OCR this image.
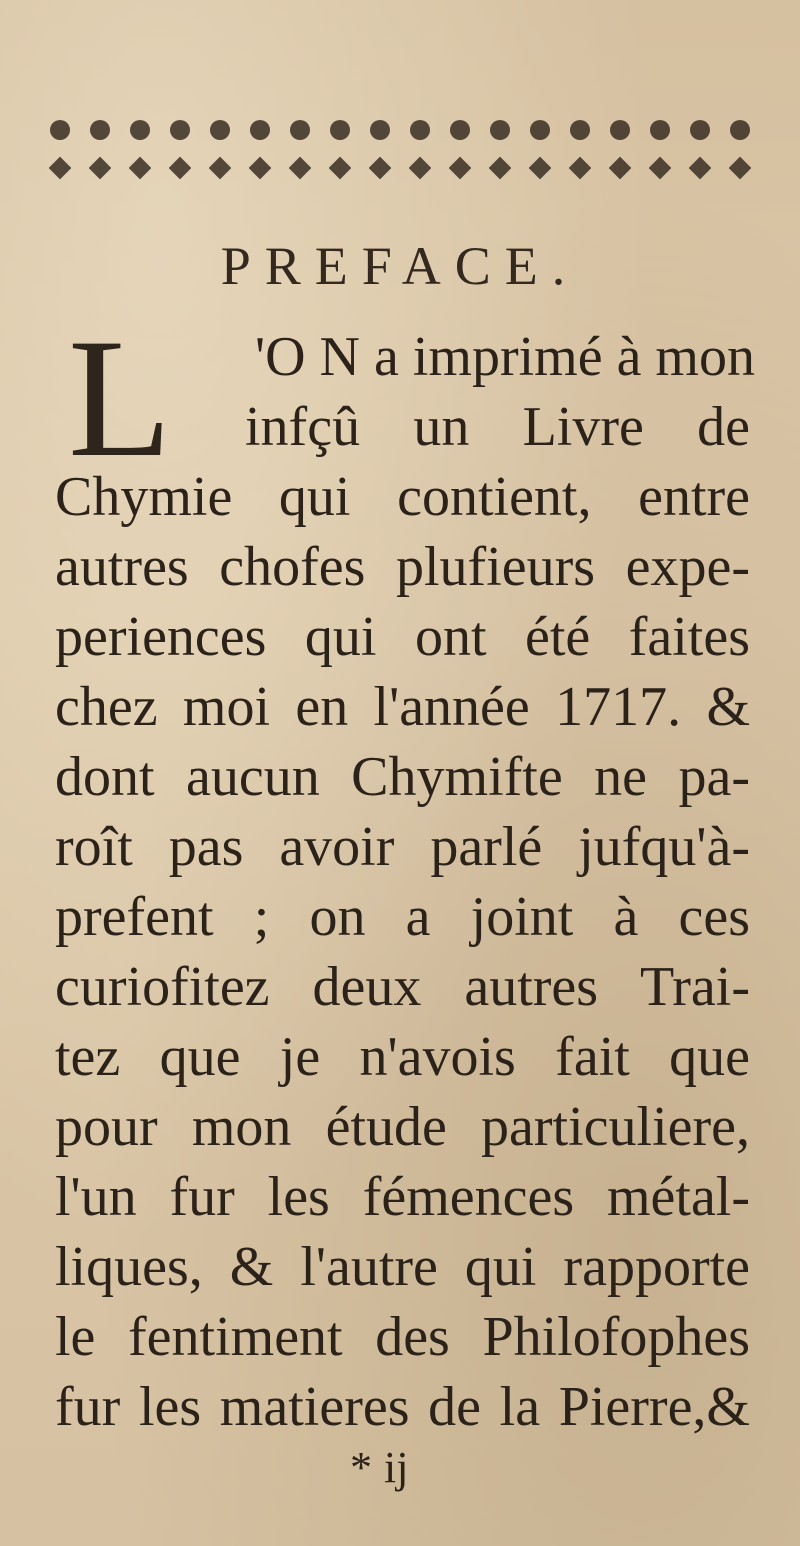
PREFACE.
L 'O N a imprimé à mon
infçû un Livre de
Chymie qui contient, entre
autres chofes plufieurs expe-
periences qui ont été faites
chez moi en l'année 1717. &
dont aucun Chymifte ne pa-
roît pas avoir parlé jufqu'à-
prefent ; on a joint à ces
curiofitez deux autres Trai-
tez que je n'avois fait que
pour mon étude particuliere,
l'un fur les fémences métal-
liques, & l'autre qui rapporte
le fentiment des Philofophes
fur les matieres de la Pierre,&
* ij
